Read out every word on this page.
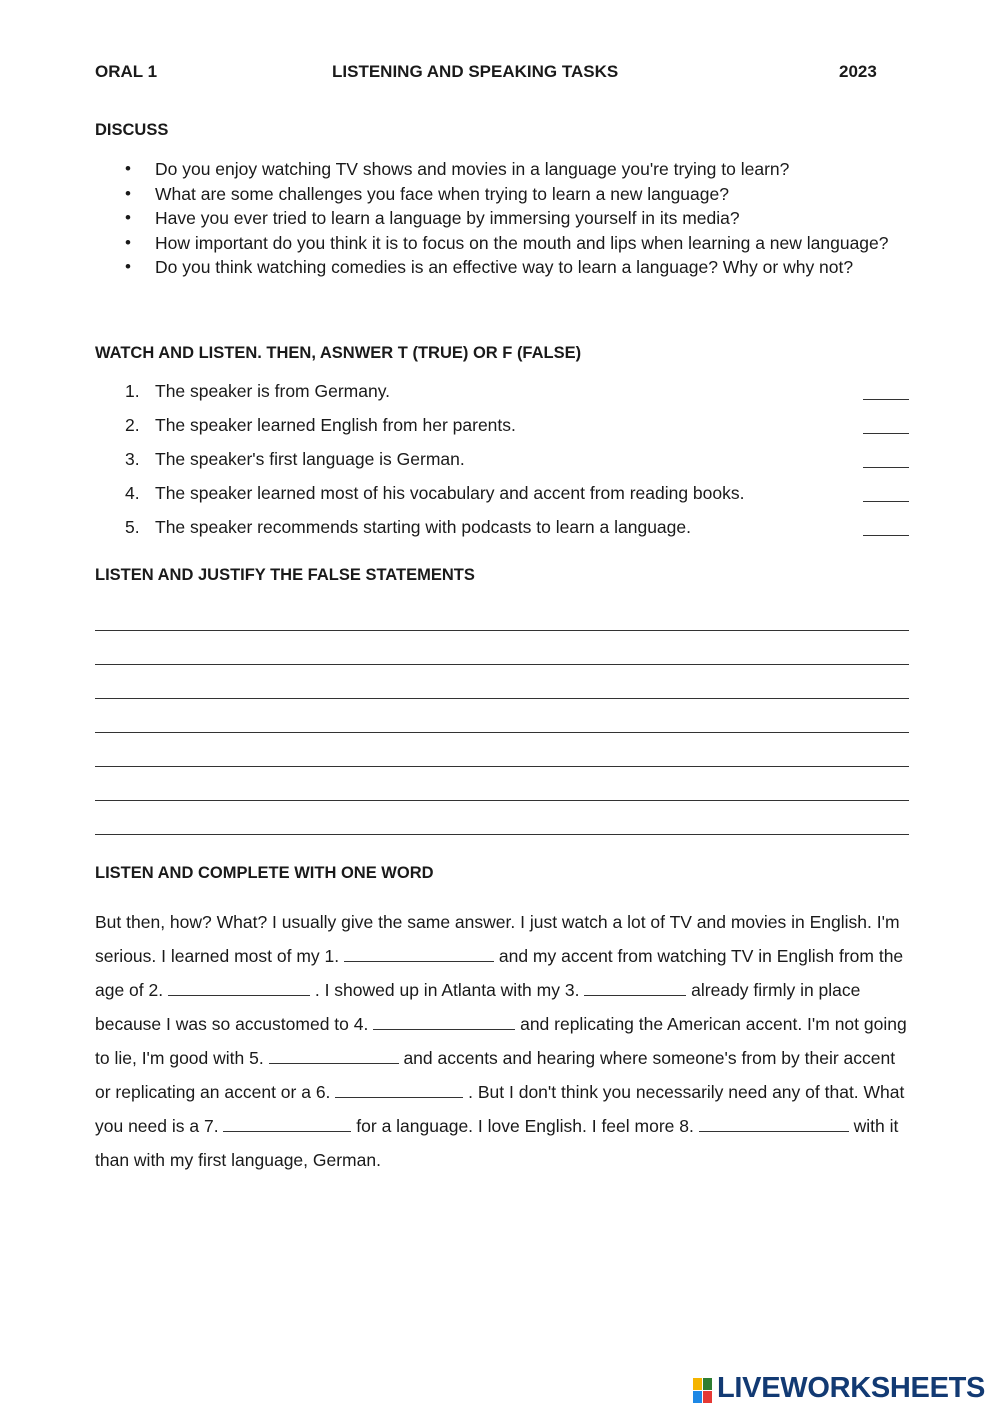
ORAL 1	LISTENING AND SPEAKING TASKS	2023
DISCUSS
• Do you enjoy watching TV shows and movies in a language you're trying to learn?
• What are some challenges you face when trying to learn a new language?
• Have you ever tried to learn a language by immersing yourself in its media?
• How important do you think it is to focus on the mouth and lips when learning a new language?
• Do you think watching comedies is an effective way to learn a language? Why or why not?
WATCH AND LISTEN. THEN, ASNWER T (TRUE) OR F (FALSE)
1. The speaker is from Germany.
2. The speaker learned English from her parents.
3. The speaker's first language is German.
4. The speaker learned most of his vocabulary and accent from reading books.
5. The speaker recommends starting with podcasts to learn a language.
LISTEN AND JUSTIFY THE FALSE STATEMENTS
LISTEN AND COMPLETE WITH ONE WORD

But then, how? What? I usually give the same answer. I just watch a lot of TV and movies in English. I'm serious. I learned most of my 1.	and my accent from watching TV in English from the age of 2.	. I showed up in Atlanta with my 3.	already firmly in place because I was so accustomed to 4.	and replicating the American accent. I'm not going to lie, I'm good with 5.	and accents and hearing where someone's from by their accent or replicating an accent or a 6.	. But I don't think you necessarily need any of that. What you need is a 7.	for a language. I love English. I feel more 8.	with it than with my first language, German.

LIVEWORKSHEETS
